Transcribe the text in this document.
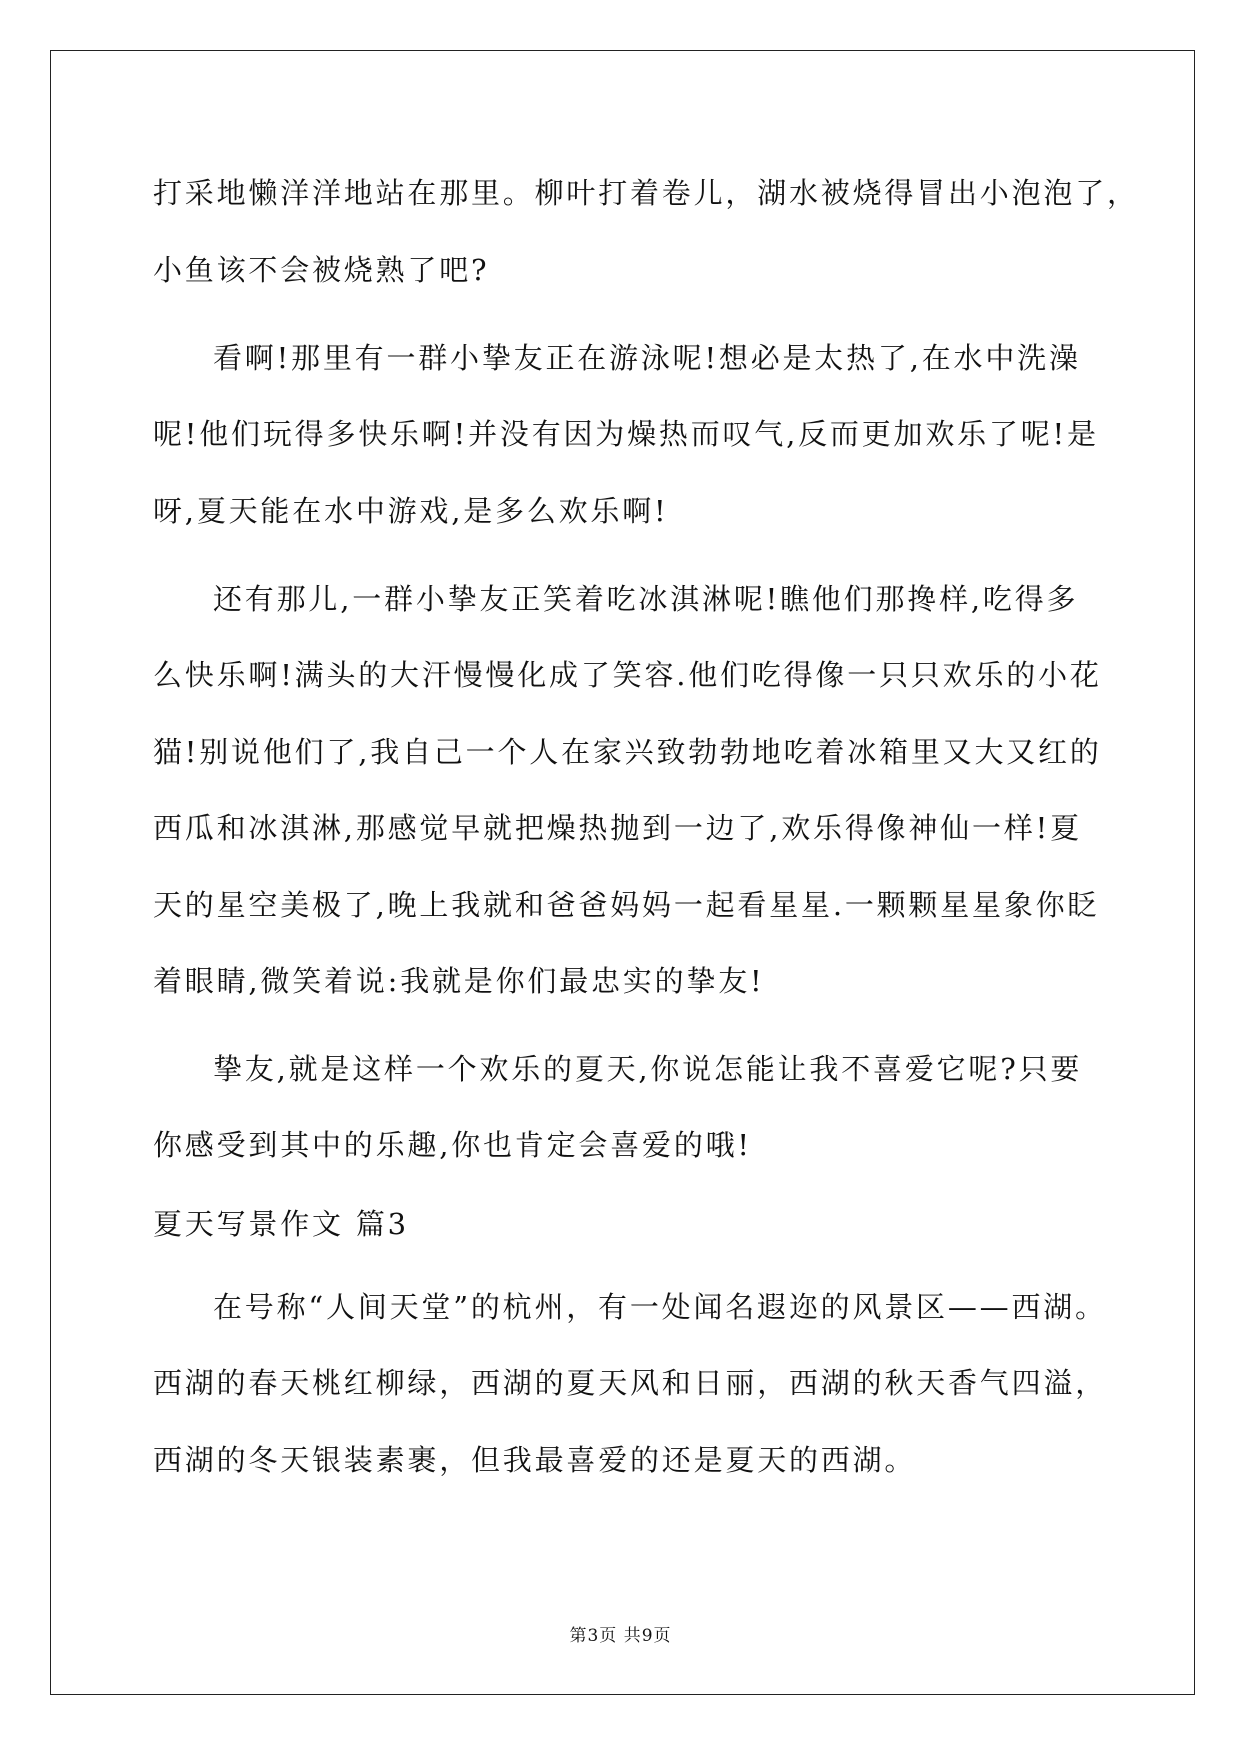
打采地懒洋洋地站在那里。柳叶打着卷儿，湖水被烧得冒出小泡泡了，
小鱼该不会被烧熟了吧?
看啊!那里有一群小挚友正在游泳呢!想必是太热了,在水中洗澡
呢!他们玩得多快乐啊!并没有因为燥热而叹气,反而更加欢乐了呢!是
呀,夏天能在水中游戏,是多么欢乐啊!
还有那儿,一群小挚友正笑着吃冰淇淋呢!瞧他们那搀样,吃得多
么快乐啊!满头的大汗慢慢化成了笑容.他们吃得像一只只欢乐的小花
猫!别说他们了,我自己一个人在家兴致勃勃地吃着冰箱里又大又红的
西瓜和冰淇淋,那感觉早就把燥热抛到一边了,欢乐得像神仙一样!夏
天的星空美极了,晚上我就和爸爸妈妈一起看星星.一颗颗星星象你眨
着眼睛,微笑着说:我就是你们最忠实的挚友!
挚友,就是这样一个欢乐的夏天,你说怎能让我不喜爱它呢?只要
你感受到其中的乐趣,你也肯定会喜爱的哦!
夏天写景作文 篇3
在号称“人间天堂”的杭州，有一处闻名遐迩的风景区——西湖。
西湖的春天桃红柳绿，西湖的夏天风和日丽，西湖的秋天香气四溢，
西湖的冬天银装素裹，但我最喜爱的还是夏天的西湖。
第3页 共9页
